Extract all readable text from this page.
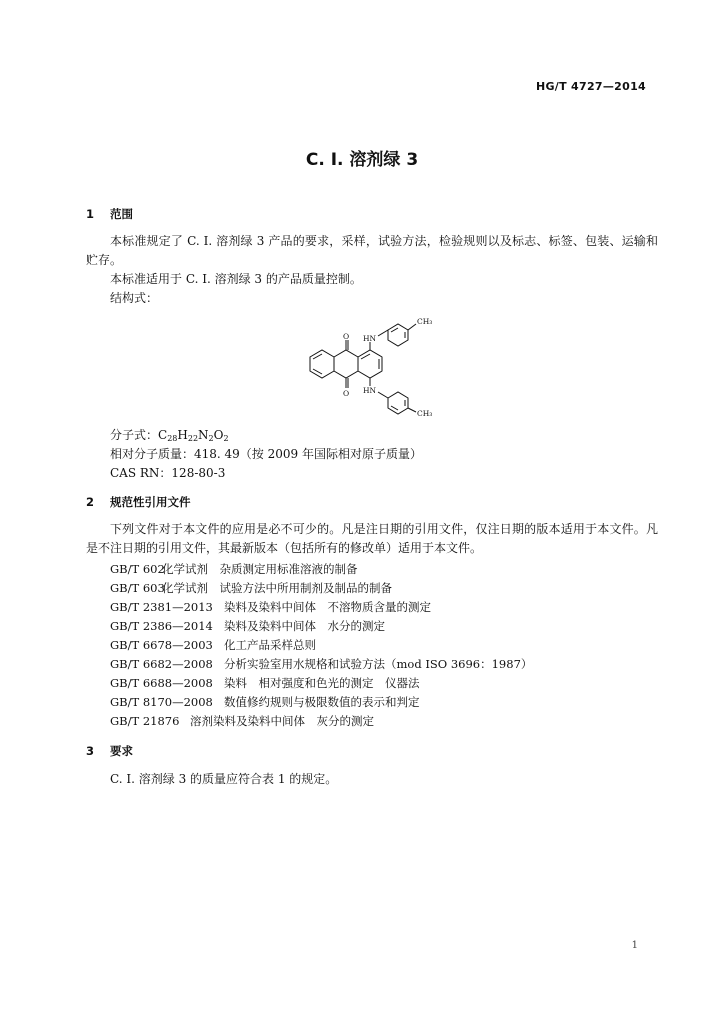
HG/T 4727—2014
C. I. 溶剂绿 3
1 范围

本标准规定了 C. I. 溶剂绿 3 产品的要求，采样，试验方法，检验规则以及标志、标签、包装、运输和贮存。

本标准适用于 C. I. 溶剂绿 3 的产品质量控制。
结构式：
CH₃
HN
O
O HN
CH₃
分子式：$C_{28}H_{22}N_2O_2$
相对分子质量：418. 49（按 2009 年国际相对原子质量）
CAS RN：128-80-3
2 规范性引用文件

下列文件对于本文件的应用是必不可少的。凡是注日期的引用文件，仅注日期的版本适用于本文件。凡是不注日期的引用文件，其最新版本（包括所有的修改单）适用于本文件。

GB/T 602化学试剂　杂质测定用标准溶液的制备
GB/T 603化学试剂　试验方法中所用制剂及制品的制备
GB/T 2381—2013 染料及染料中间体　不溶物质含量的测定
GB/T 2386—2014 染料及染料中间体　水分的测定
GB/T 6678—2003 化工产品采样总则
GB/T 6682—2008 分析实验室用水规格和试验方法（mod ISO 3696：1987）
GB/T 6688—2008 染料　相对强度和色光的测定　仪器法
GB/T 8170—2008 数值修约规则与极限数值的表示和判定
GB/T 21876 溶剂染料及染料中间体　灰分的测定
3 要求
C. I. 溶剂绿 3 的质量应符合表 1 的规定。
1
